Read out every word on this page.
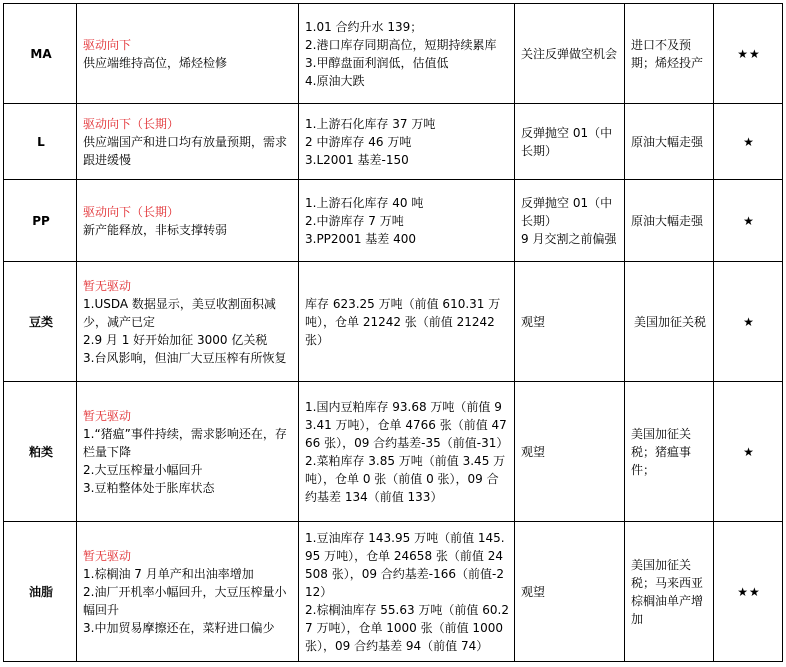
MA	驱动向下
供应端维持高位，烯烃检修	1.01 合约升水 139；
2.港口库存同期高位，短期持续累库
3.甲醇盘面利润低，估值低
4.原油大跌	关注反弹做空机会	进口不及预期；烯烃投产	★★
L	驱动向下（长期）
供应端国产和进口均有放量预期，需求跟进缓慢	1.上游石化库存 37 万吨
2 中游库存 46 万吨
3.L2001 基差-150	反弹抛空 01（中长期）	原油大幅走强	★
PP	驱动向下（长期）
新产能释放，非标支撑转弱	1.上游石化库存 40 吨
2.中游库存 7 万吨
3.PP2001 基差 400	反弹抛空 01（中长期）
9 月交割之前偏强	原油大幅走强	★
豆类	暂无驱动
1.USDA 数据显示，美豆收割面积减少，减产已定
2.9 月 1 好开始加征 3000 亿关税
3.台风影响，但油厂大豆压榨有所恢复	库存 623.25 万吨（前值 610.31 万吨），仓单 21242 张（前值 21242 张）	观望	美国加征关税	★
粕类	暂无驱动
1.“猪瘟”事件持续，需求影响还在，存栏量下降
2.大豆压榨量小幅回升
3.豆粕整体处于胀库状态	1.国内豆粕库存 93.68 万吨（前值 93.41 万吨），仓单 4766 张（前值 4766 张），09 合约基差-35（前值-31）
2.菜粕库存 3.85 万吨（前值 3.45 万吨），仓单 0 张（前值 0 张），09 合约基差 134（前值 133）	观望	美国加征关税；猪瘟事件；	★
油脂	暂无驱动
1.棕榈油 7 月单产和出油率增加
2.油厂开机率小幅回升，大豆压榨量小幅回升
3.中加贸易摩擦还在，菜籽进口偏少	1.豆油库存 143.95 万吨（前值 145.95 万吨），仓单 24658 张（前值 24508 张），09 合约基差-166（前值-212）
2.棕榈油库存 55.63 万吨（前值 60.27 万吨），仓单 1000 张（前值 1000 张），09 合约基差 94（前值 74）	观望	美国加征关税；马来西亚棕榈油单产增加	★★
